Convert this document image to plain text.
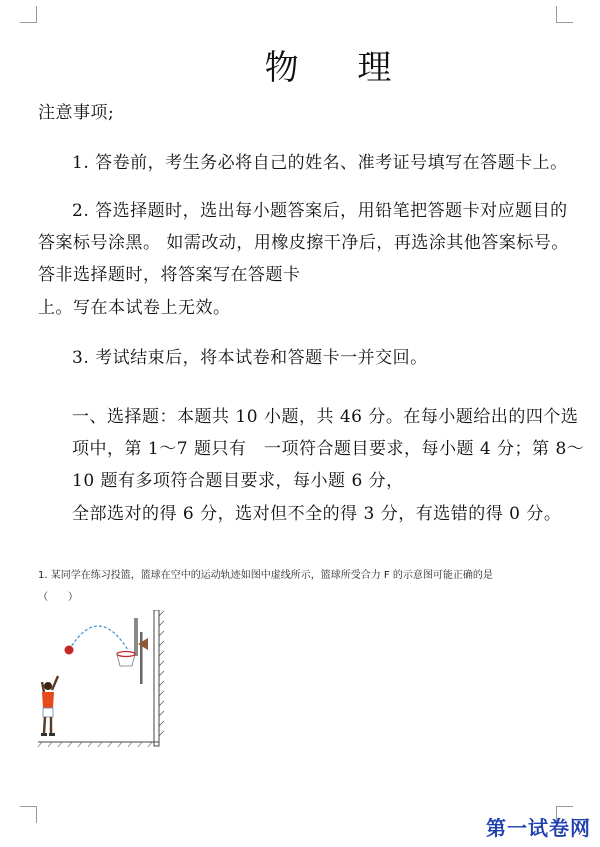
物 理
注意事项;
1. 答卷前，考生务必将自己的姓名、准考证号填写在答题卡上。
2. 答选择题时，选出每小题答案后，用铅笔把答题卡对应题目的
答案标号涂黑。 如需改动，用橡皮擦干净后，再选涂其他答案标号。
答非选择题时，将答案写在答题卡
上。写在本试卷上无效。
3. 考试结束后，将本试卷和答题卡一并交回。
一、选择题：本题共 10 小题，共 46 分。在每小题给出的四个选
项中，第 1～7 题只有　一项符合题目要求，每小题 4 分；第 8～
10 题有多项符合题目要求，每小题 6 分，
全部选对的得 6 分，选对但不全的得 3 分，有选错的得 0 分。
1. 某同学在练习投篮，篮球在空中的运动轨迹如图中虚线所示，篮球所受合力 F 的示意图可能正确的是
（　　）
第一试卷网
